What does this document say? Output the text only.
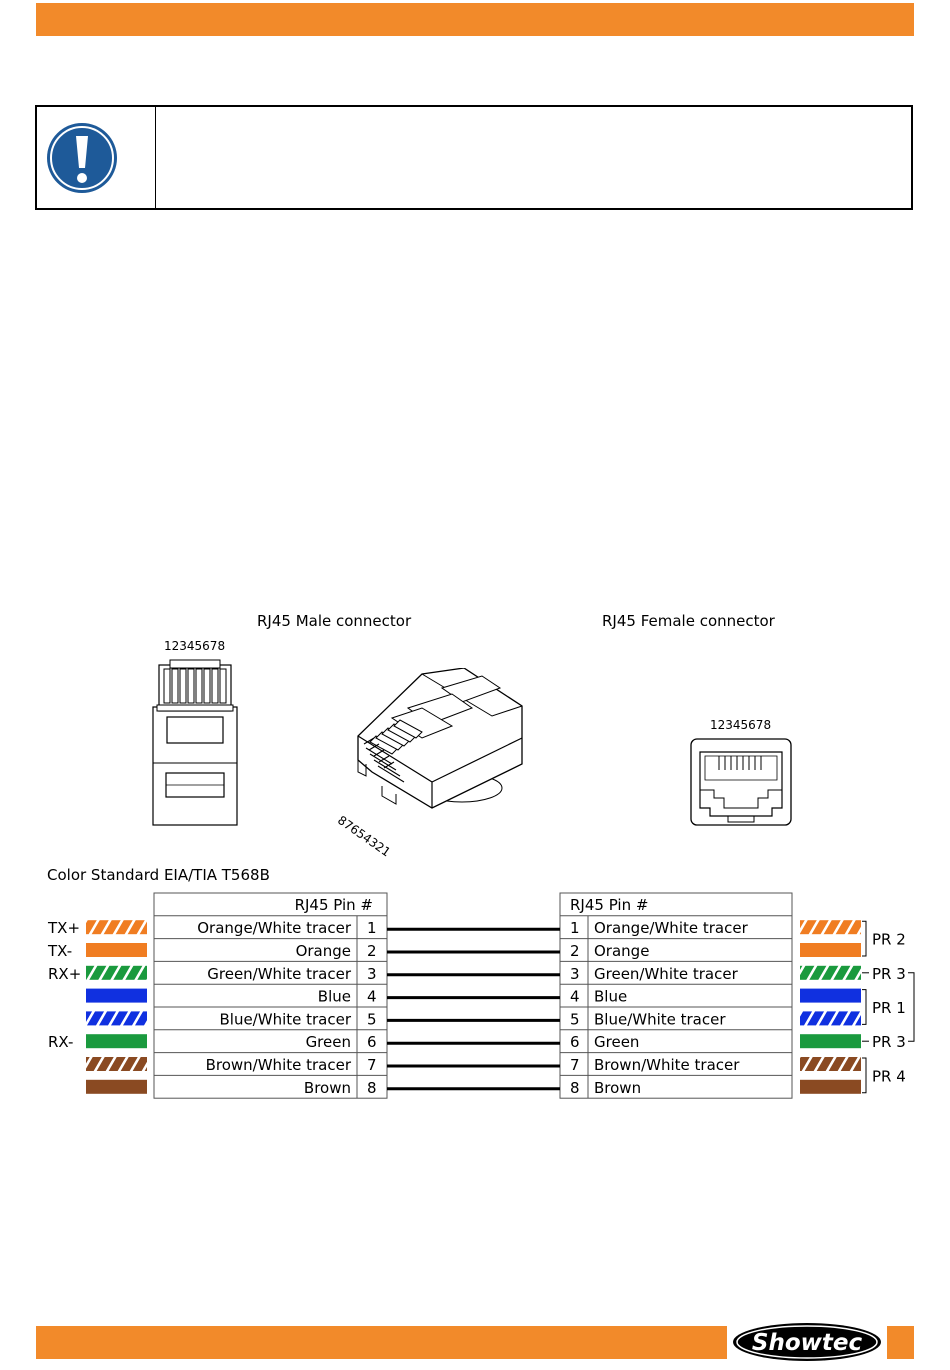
RJ45 Male connector	RJ45 Female connector
12345678
12345678
87654321
Color Standard EIA/TIA T568B
RJ45 Pin #	RJ45 Pin #
TX+	Orange/White tracer 1	1 Orange/White tracer
TX-	Orange 2	2 Orange
RX+	Green/White tracer 3	3 Green/White tracer
Blue 4	4 Blue
Blue/White tracer 5	5 Blue/White tracer
RX-	Green 6	6 Green
Brown/White tracer 7	7 Brown/White tracer
Brown 8	8 Brown
PR 2
PR 3
PR 1
PR 3
PR 4
Showtec
